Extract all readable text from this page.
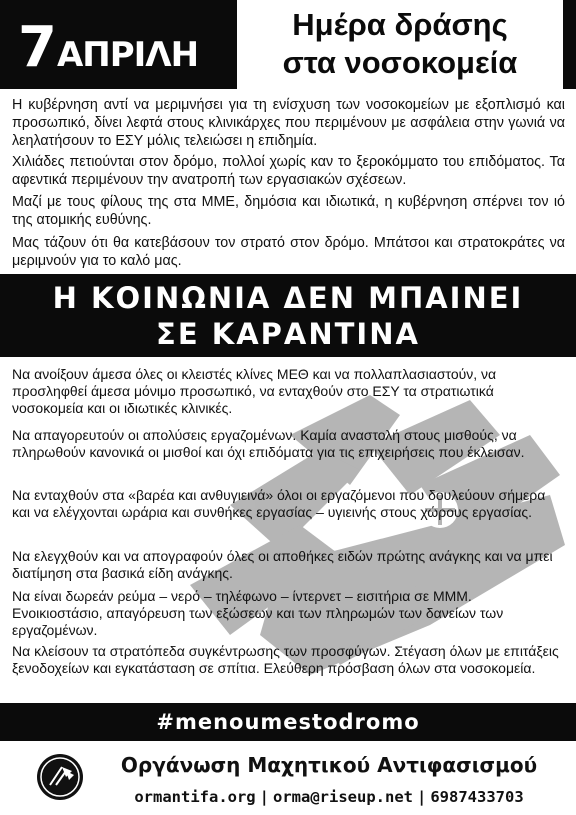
7ΑΠΡΙΛΗ
Ημέρα δράσης
στα νοσοκομεία

Η κυβέρνηση αντί να μεριμνήσει για τη ενίσχυση των νοσοκομείων με εξοπλισμό και προσωπικό, δίνει λεφτά στους κλινικάρχες που περιμένουν με ασφάλεια στην γωνιά να λεηλατήσουν το ΕΣΥ μόλις τελειώσει η επιδημία.

Χιλιάδες πετιούνται στον δρόμο, πολλοί χωρίς καν το ξεροκόμματο του επιδόματος. Τα αφεντικά περιμένουν την ανατροπή των εργασιακών σχέσεων.

Μαζί με τους φίλους της στα ΜΜΕ, δημόσια και ιδιωτικά, η κυβέρνηση σπέρνει τον ιό της ατομικής ευθύνης.

Μας τάζουν ότι θα κατεβάσουν τον στρατό στον δρόμο. Μπάτσοι και στρατοκράτες να μεριμνούν για το καλό μας.

Η ΚΟΙΝΩΝΙΑ ΔΕΝ ΜΠΑΙΝΕΙ
ΣΕ ΚΑΡΑΝΤΙΝΑ

Να ανοίξουν άμεσα όλες οι κλειστές κλίνες ΜΕΘ και να πολλαπλασιαστούν, να προσληφθεί άμεσα μόνιμο προσωπικό, να ενταχθούν στο ΕΣΥ τα στρατιωτικά νοσοκομεία και οι ιδιωτικές κλινικές.

Να απαγορευτούν οι απολύσεις εργαζομένων. Καμία αναστολή στους μισθούς, να πληρωθούν κανονικά οι μισθοί και όχι επιδόματα για τις επιχειρήσεις που έκλεισαν.

Να ενταχθούν στα «βαρέα και ανθυγιεινά» όλοι οι εργαζόμενοι που δουλεύουν σήμερα και να ελέγχονται ωράρια και συνθήκες εργασίας – υγιεινής στους χώρους εργασίας.

Να ελεγχθούν και να απογραφούν όλες οι αποθήκες ειδών πρώτης ανάγκης και να μπει διατίμηση στα βασικά είδη ανάγκης.

Να είναι δωρεάν ρεύμα – νερό – τηλέφωνο – ίντερνετ – εισιτήρια σε ΜΜΜ. Ενοικιοστάσιο, απαγόρευση των εξώσεων και των πληρωμών των δανείων των εργαζομένων.

Να κλείσουν τα στρατόπεδα συγκέντρωσης των προσφύγων. Στέγαση όλων με επιτάξεις ξενοδοχείων και εγκατάσταση σε σπίτια. Ελεύθερη πρόσβαση όλων στα νοσοκομεία.

#menoumestodromo
Οργάνωση Μαχητικού Αντιφασισμού
ormantifa.org | orma@riseup.net | 6987433703
